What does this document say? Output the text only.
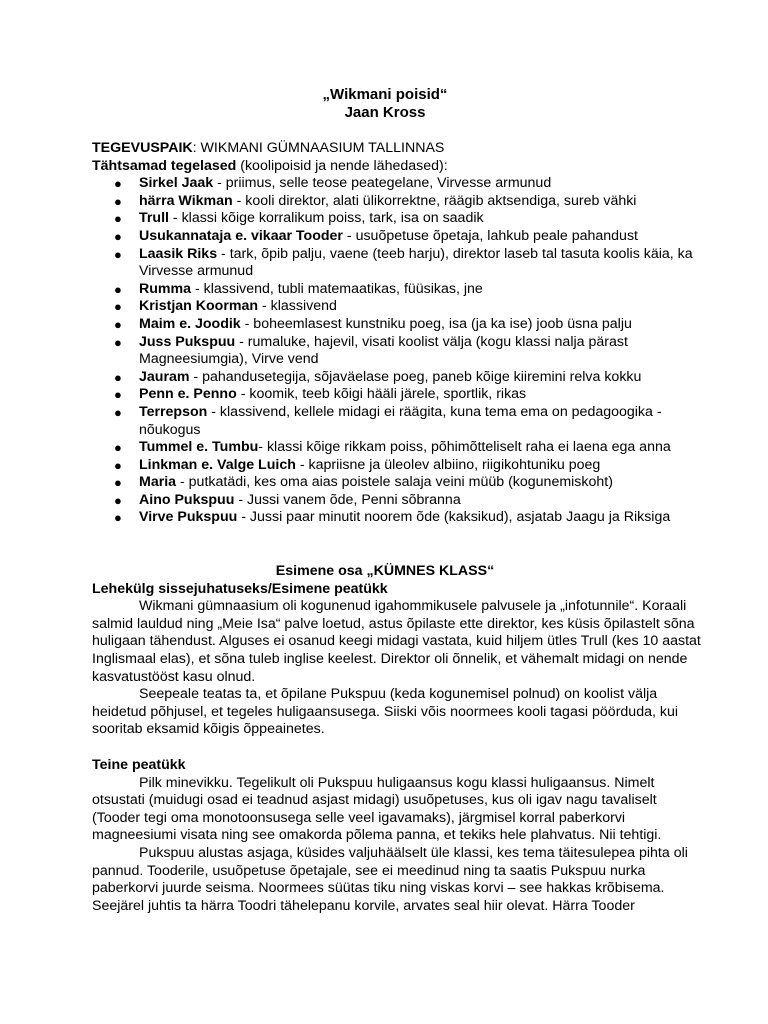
„Wikmani poisid“
Jaan Kross
TEGEVUSPAIK: WIKMANI GÜMNAASIUM TALLINNAS
Tähtsamad tegelased (koolipoisid ja nende lähedased):
● Sirkel Jaak - priimus, selle teose peategelane, Virvesse armunud
● härra Wikman - kooli direktor, alati ülikorrektne, räägib aktsendiga, sureb vähki
● Trull - klassi kõige korralikum poiss, tark, isa on saadik
● Usukannataja e. vikaar Tooder - usuõpetuse õpetaja, lahkub peale pahandust
● Laasik Riks - tark, õpib palju, vaene (teeb harju), direktor laseb tal tasuta koolis käia, ka Virvesse armunud
● Rumma - klassivend, tubli matemaatikas, füüsikas, jne
● Kristjan Koorman - klassivend
● Maim e. Joodik - boheemlasest kunstniku poeg, isa (ja ka ise) joob üsna palju
● Juss Pukspuu - rumaluke, hajevil, visati koolist välja (kogu klassi nalja pärast Magneesiumgia), Virve vend
● Jauram - pahandusetegija, sõjaväelase poeg, paneb kõige kiiremini relva kokku
● Penn e. Penno - koomik, teeb kõigi hääli järele, sportlik, rikas
● Terrepson - klassivend, kellele midagi ei räägita, kuna tema ema on pedagoogika - nõukogus
● Tummel e. Tumbu- klassi kõige rikkam poiss, põhimõtteliselt raha ei laena ega anna
● Linkman e. Valge Luich - kapriisne ja üleolev albiino, riigikohtuniku poeg
● Maria - putkatädi, kes oma aias poistele salaja veini müüb (kogunemiskoht)
● Aino Pukspuu - Jussi vanem õde, Penni sõbranna
● Virve Pukspuu - Jussi paar minutit noorem õde (kaksikud), asjatab Jaagu ja Riksiga
Esimene osa „KÜMNES KLASS“
Lehekülg sissejuhatuseks/Esimene peatükk

Wikmani gümnaasium oli kogunenud igahommikusele palvusele ja „infotunnile“. Koraali salmid lauldud ning „Meie Isa“ palve loetud, astus õpilaste ette direktor, kes küsis õpilastelt sõna huligaan tähendust. Alguses ei osanud keegi midagi vastata, kuid hiljem ütles Trull (kes 10 aastat Inglismaal elas), et sõna tuleb inglise keelest. Direktor oli õnnelik, et vähemalt midagi on nende kasvatustööst kasu olnud.

Seepeale teatas ta, et õpilane Pukspuu (keda kogunemisel polnud) on koolist välja heidetud põhjusel, et tegeles huligaansusega. Siiski võis noormees kooli tagasi pöörduda, kui sooritab eksamid kõigis õppeainetes.

Teine peatükk

Pilk minevikku. Tegelikult oli Pukspuu huligaansus kogu klassi huligaansus. Nimelt otsustati (muidugi osad ei teadnud asjast midagi) usuõpetuses, kus oli igav nagu tavaliselt (Tooder tegi oma monotoonsusega selle veel igavamaks), järgmisel korral paberkorvi magneesiumi visata ning see omakorda põlema panna, et tekiks hele plahvatus. Nii tehtigi.

Pukspuu alustas asjaga, küsides valjuhäälselt üle klassi, kes tema täitesulepea pihta oli pannud. Tooderile, usuõpetuse õpetajale, see ei meedinud ning ta saatis Pukspuu nurka paberkorvi juurde seisma. Noormees süütas tiku ning viskas korvi – see hakkas krõbisema. Seejärel juhtis ta härra Toodri tähelepanu korvile, arvates seal hiir olevat. Härra Tooder
